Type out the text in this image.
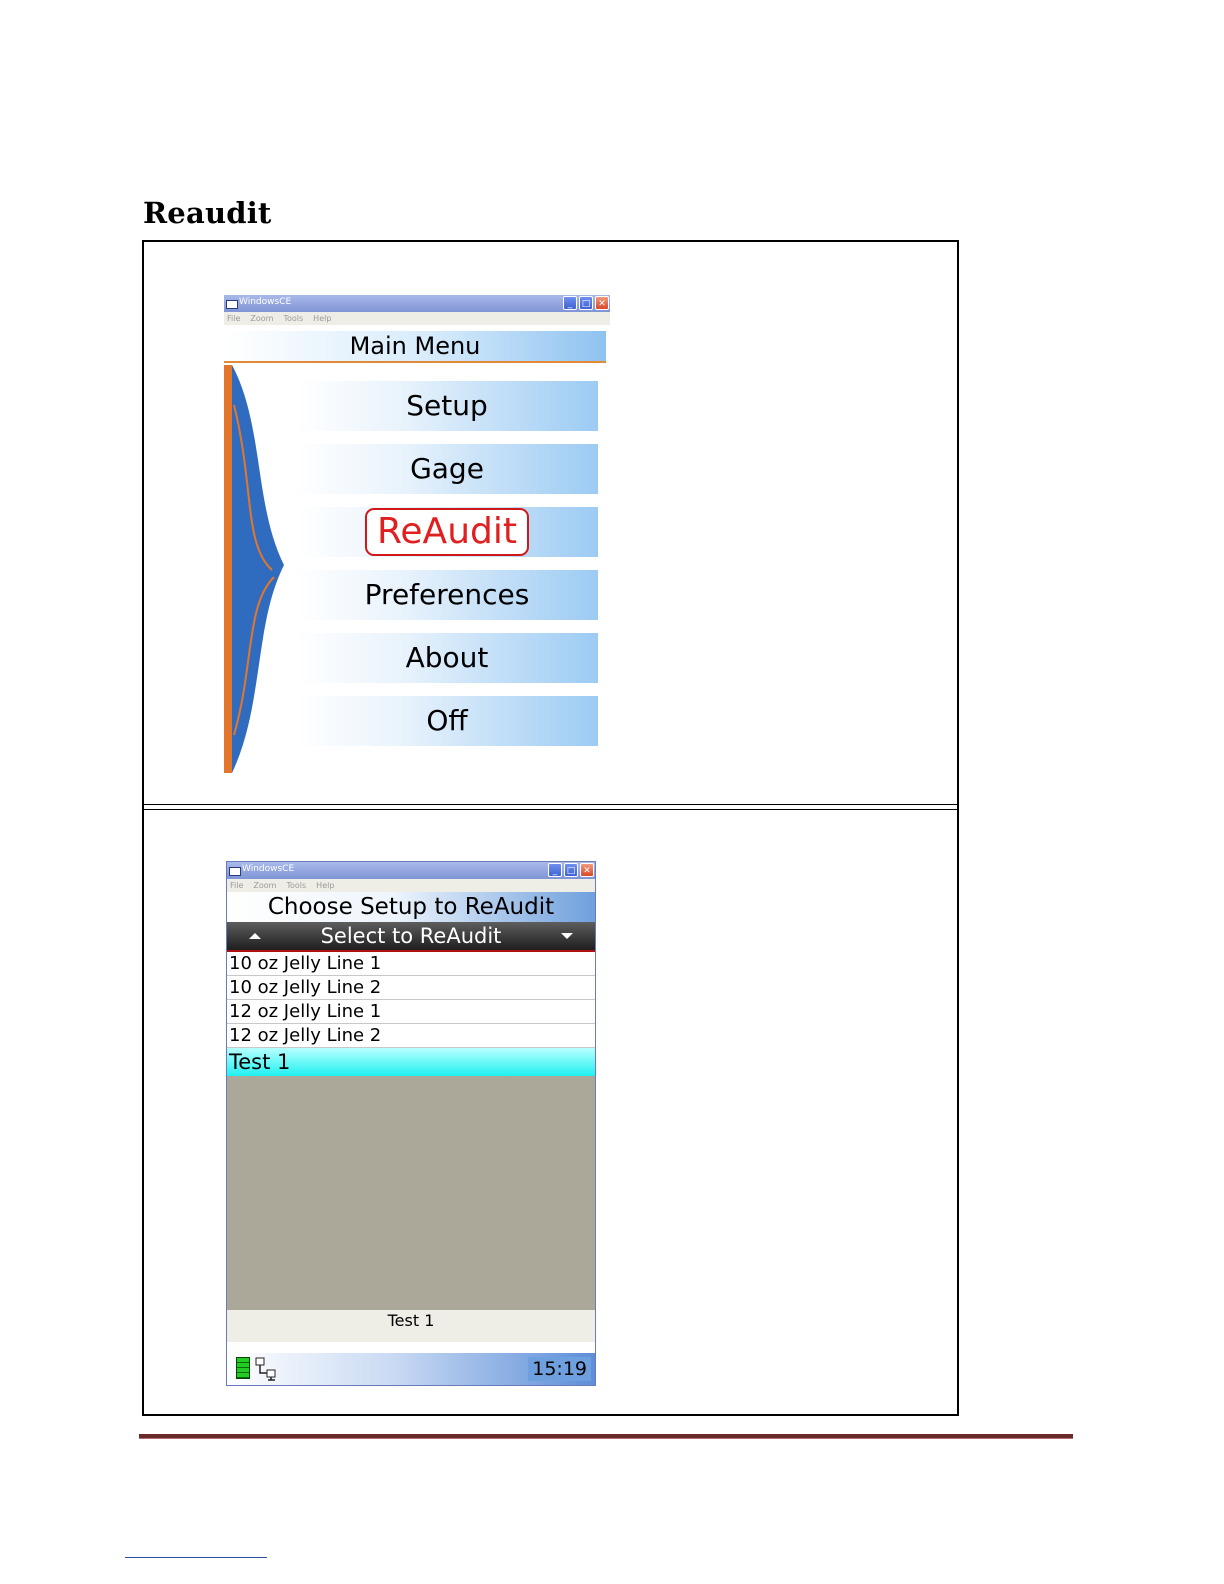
Reaudit
WindowsCE	_	□ ✕
File Zoom Tools Help
Main Menu
Setup
Gage
ReAudit
Preferences
About
Off
WindowsCE	_	□ ✕
File Zoom Tools Help
Choose Setup to ReAudit
Select to ReAudit
10 oz Jelly Line 1
10 oz Jelly Line 2
12 oz Jelly Line 1
12 oz Jelly Line 2
Test 1
Test 1
15:19
